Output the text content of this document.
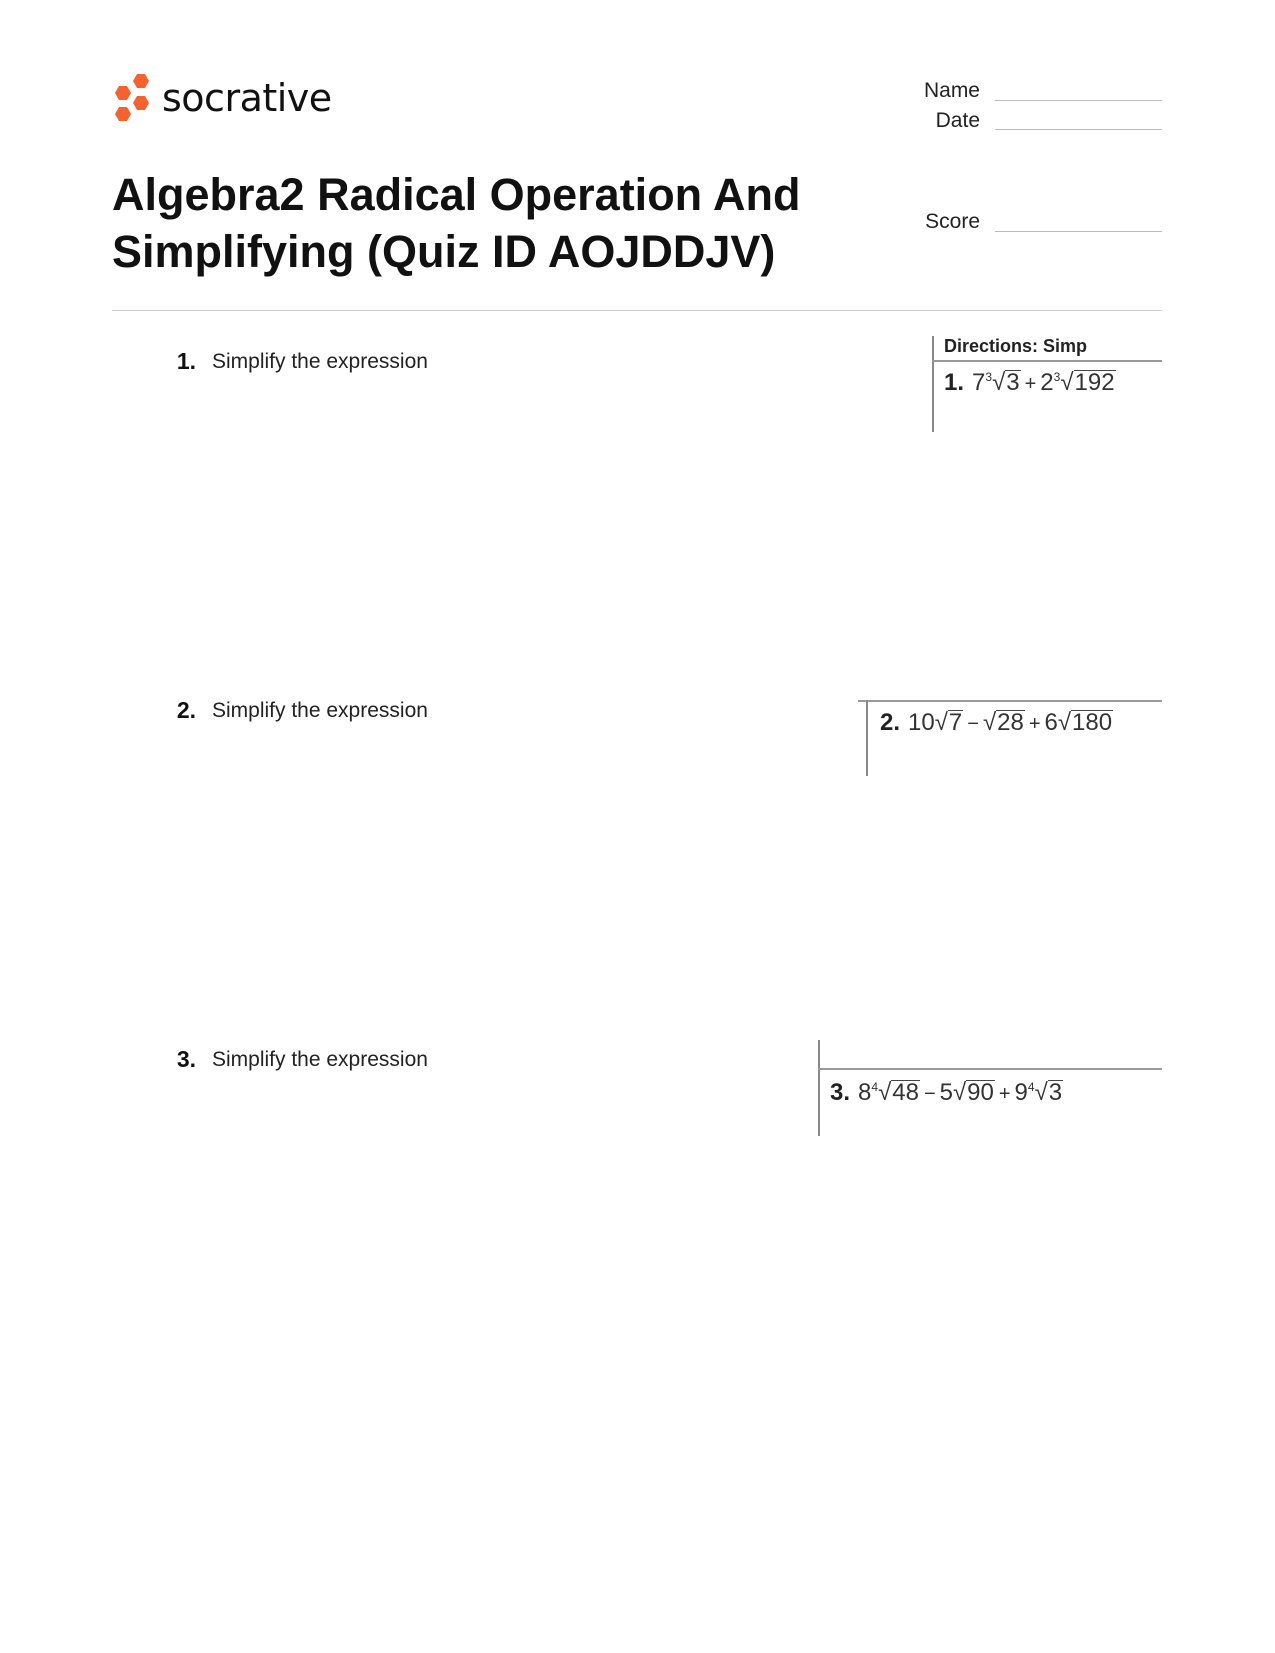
socrative	Name
Date
Score
Algebra2 Radical Operation And Simplifying (Quiz ID AOJDDJV)
1. Simplify the expression
Directions: Simp
1. $7^3√3 + 2^3√192$
2. Simplify the expression	2. 10√7 − √28 + 6√180
3. Simplify the expression
3. $8^4√48 - 5√90 + 9^4√3$
